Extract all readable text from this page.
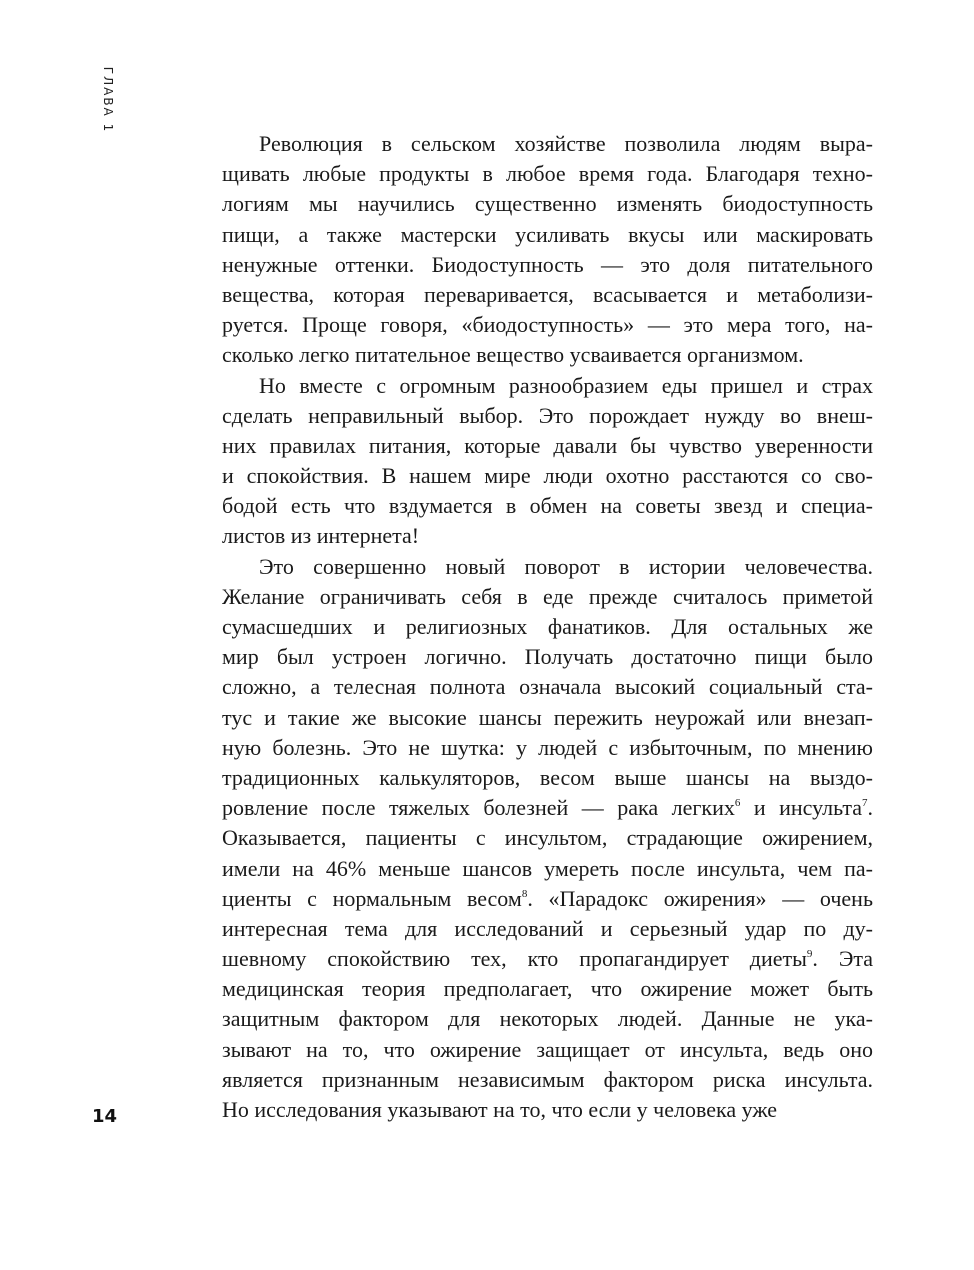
ГЛАВА 1
14
Революция в сельском хозяйстве позволила людям выра-
щивать любые продукты в любое время года. Благодаря техно-
логиям мы научились существенно изменять биодоступность
пищи, а также мастерски усиливать вкусы или маскировать
ненужные оттенки. Биодоступность — это доля питательного
вещества, которая переваривается, всасывается и метаболизи-
руется. Проще говоря, «биодоступность» — это мера того, на-
сколько легко питательное вещество усваивается организмом.
Но вместе с огромным разнообразием еды пришел и страх
сделать неправильный выбор. Это порождает нужду во внеш-
них правилах питания, которые давали бы чувство уверенности
и спокойствия. В нашем мире люди охотно расстаются со сво-
бодой есть что вздумается в обмен на советы звезд и специа-
листов из интернета!
Это совершенно новый поворот в истории человечества.
Желание ограничивать себя в еде прежде считалось приметой
сумасшедших и религиозных фанатиков. Для остальных же
мир был устроен логично. Получать достаточно пищи было
сложно, а телесная полнота означала высокий социальный ста-
тус и такие же высокие шансы пережить неурожай или внезап-
ную болезнь. Это не шутка: у людей с избыточным, по мнению
традиционных калькуляторов, весом выше шансы на выздо-
ровление после тяжелых болезней — рака легких$^6$ и инсульта$^7$.
Оказывается, пациенты с инсультом, страдающие ожирением,
имели на 46% меньше шансов умереть после инсульта, чем па-
циенты с нормальным весом$^8$. «Парадокс ожирения» — очень
интересная тема для исследований и серьезный удар по ду-
шевному спокойствию тех, кто пропагандирует диеты$^9$. Эта
медицинская теория предполагает, что ожирение может быть
защитным фактором для некоторых людей. Данные не ука-
зывают на то, что ожирение защищает от инсульта, ведь оно
является признанным независимым фактором риска инсульта.
Но исследования указывают на то, что если у человека уже
